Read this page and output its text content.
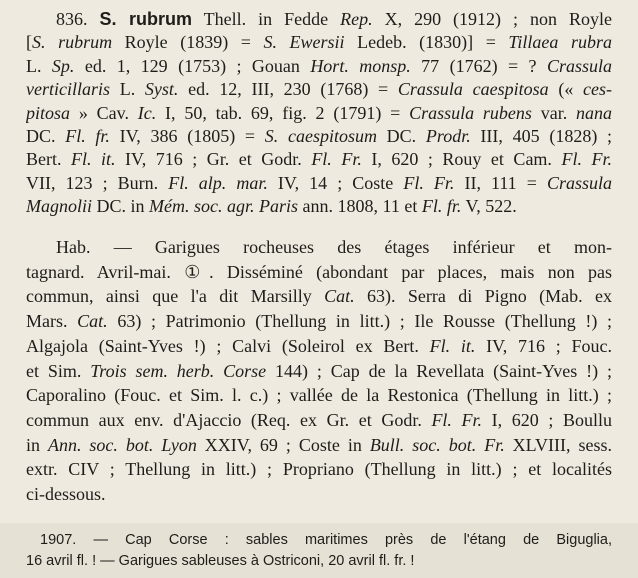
836. S. rubrum Thell. in Fedde Rep. X, 290 (1912) ; non Royle
[S. rubrum Royle (1839) = S. Ewersii Ledeb. (1830)] = Tillaea rubra
L. Sp. ed. 1, 129 (1753) ; Gouan Hort. monsp. 77 (1762) = ? Crassula
verticillaris L. Syst. ed. 12, III, 230 (1768) = Crassula caespitosa (« ces-
pitosa » Cav. Ic. I, 50, tab. 69, fig. 2 (1791) = Crassula rubens var. nana
DC. Fl. fr. IV, 386 (1805) = S. caespitosum DC. Prodr. III, 405 (1828) ;
Bert. Fl. it. IV, 716 ; Gr. et Godr. Fl. Fr. I, 620 ; Rouy et Cam. Fl. Fr.
VII, 123 ; Burn. Fl. alp. mar. IV, 14 ; Coste Fl. Fr. II, 111 = Crassula
Magnolii DC. in Mém. soc. agr. Paris ann. 1808, 11 et Fl. fr. V, 522.
Hab. — Garigues rocheuses des étages inférieur et mon-
tagnard. Avril-mai. ①. Disséminé (abondant par places, mais non pas
commun, ainsi que l'a dit Marsilly Cat. 63). Serra di Pigno (Mab. ex
Mars. Cat. 63) ; Patrimonio (Thellung in litt.) ; Ile Rousse (Thellung !) ;
Algajola (Saint-Yves !) ; Calvi (Soleirol ex Bert. Fl. it. IV, 716 ; Fouc.
et Sim. Trois sem. herb. Corse 144) ; Cap de la Revellata (Saint-Yves !) ;
Caporalino (Fouc. et Sim. l. c.) ; vallée de la Restonica (Thellung in litt.) ;
commun aux env. d'Ajaccio (Req. ex Gr. et Godr. Fl. Fr. I, 620 ; Boullu
in Ann. soc. bot. Lyon XXIV, 69 ; Coste in Bull. soc. bot. Fr. XLVIII, sess.
extr. CIV ; Thellung in litt.) ; Propriano (Thellung in litt.) ; et localités
ci-dessous.
1907. — Cap Corse : sables maritimes près de l'étang de Biguglia,
16 avril fl. ! — Garigues sableuses à Ostriconi, 20 avril fl. fr. !
